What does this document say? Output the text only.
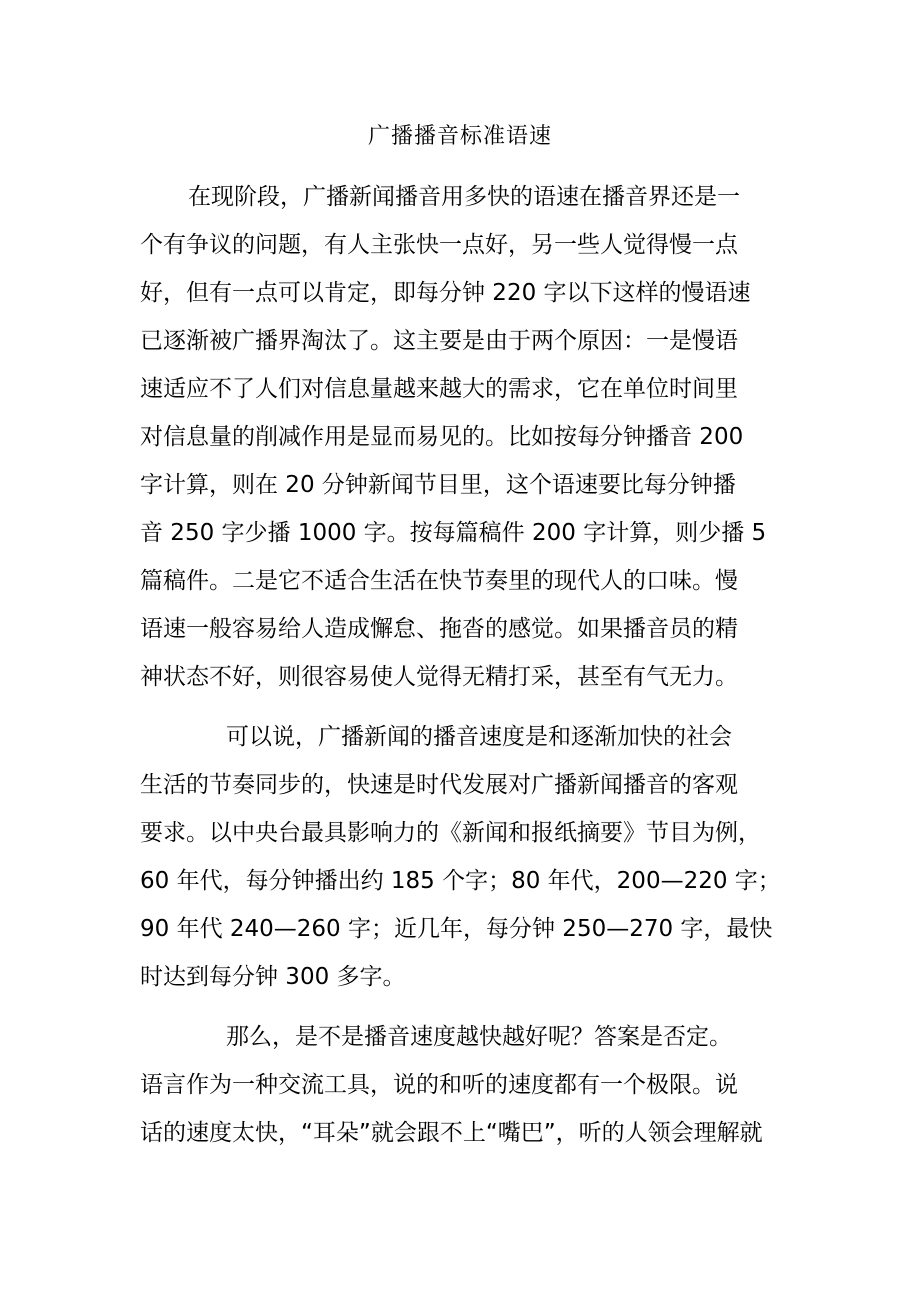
广播播音标准语速
在现阶段，广播新闻播音用多快的语速在播音界还是一
个有争议的问题，有人主张快一点好，另一些人觉得慢一点
好，但有一点可以肯定，即每分钟 220 字以下这样的慢语速
已逐渐被广播界淘汰了。这主要是由于两个原因：一是慢语
速适应不了人们对信息量越来越大的需求，它在单位时间里
对信息量的削减作用是显而易见的。比如按每分钟播音 200
字计算，则在 20 分钟新闻节目里，这个语速要比每分钟播
音 250 字少播 1000 字。按每篇稿件 200 字计算，则少播 5
篇稿件。二是它不适合生活在快节奏里的现代人的口味。慢
语速一般容易给人造成懈怠、拖沓的感觉。如果播音员的精
神状态不好，则很容易使人觉得无精打采，甚至有气无力。
可以说，广播新闻的播音速度是和逐渐加快的社会
生活的节奏同步的，快速是时代发展对广播新闻播音的客观
要求。以中央台最具影响力的《新闻和报纸摘要》节目为例，
60 年代，每分钟播出约 185 个字；80 年代，200—220 字；
90 年代 240—260 字；近几年，每分钟 250—270 字，最快
时达到每分钟 300 多字。
那么，是不是播音速度越快越好呢？答案是否定。
语言作为一种交流工具，说的和听的速度都有一个极限。说
话的速度太快，“耳朵”就会跟不上“嘴巴”，听的人领会理解就
